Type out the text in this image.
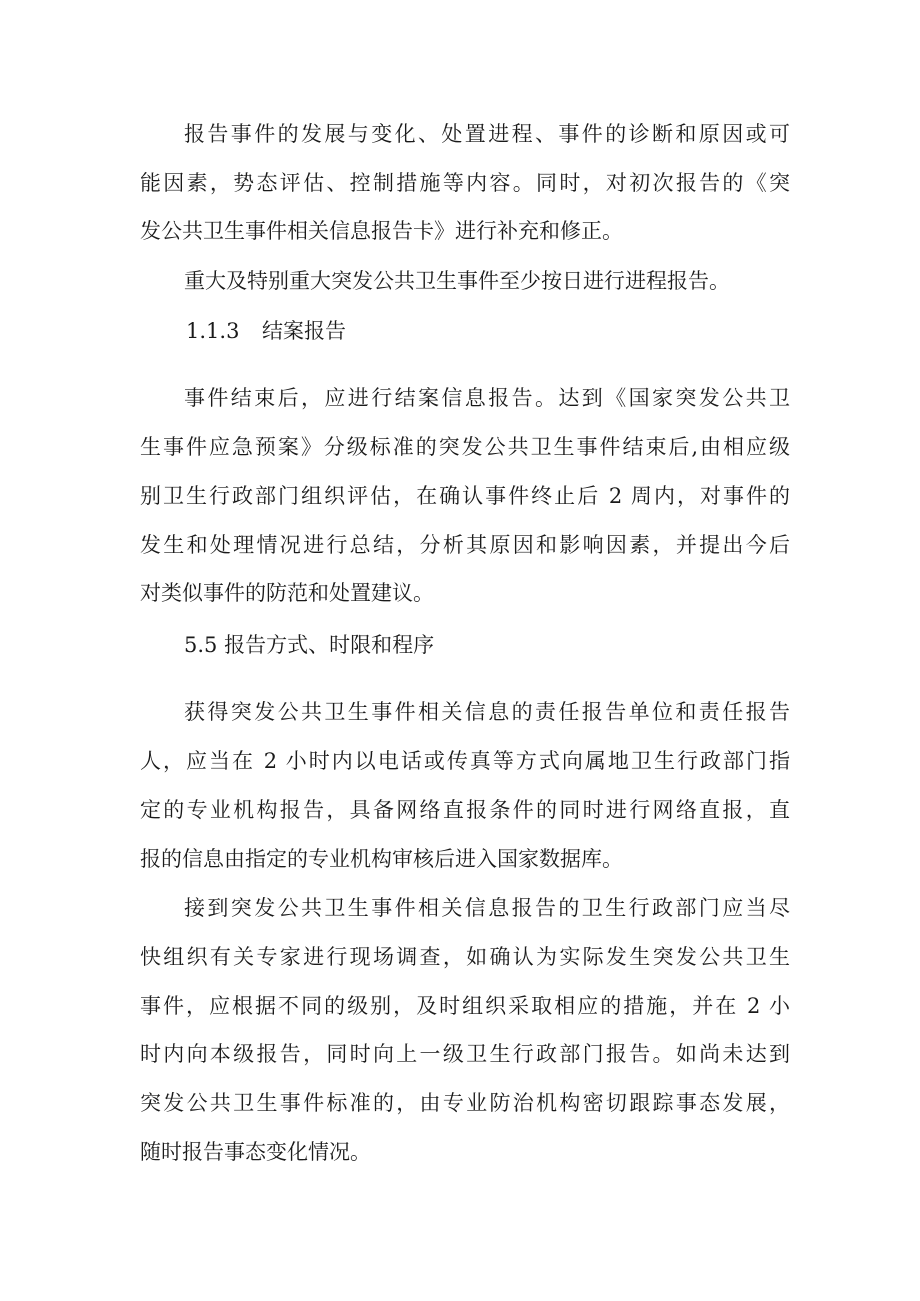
报告事件的发展与变化、处置进程、事件的诊断和原因或可
能因素，势态评估、控制措施等内容。同时，对初次报告的《突
发公共卫生事件相关信息报告卡》进行补充和修正。
重大及特别重大突发公共卫生事件至少按日进行进程报告。
1.1.3 结案报告
事件结束后，应进行结案信息报告。达到《国家突发公共卫
生事件应急预案》分级标准的突发公共卫生事件结束后,由相应级
别卫生行政部门组织评估，在确认事件终止后 2 周内，对事件的
发生和处理情况进行总结，分析其原因和影响因素，并提出今后
对类似事件的防范和处置建议。
5.5 报告方式、时限和程序
获得突发公共卫生事件相关信息的责任报告单位和责任报告
人，应当在 2 小时内以电话或传真等方式向属地卫生行政部门指
定的专业机构报告，具备网络直报条件的同时进行网络直报，直
报的信息由指定的专业机构审核后进入国家数据库。
接到突发公共卫生事件相关信息报告的卫生行政部门应当尽
快组织有关专家进行现场调查，如确认为实际发生突发公共卫生
事件，应根据不同的级别，及时组织采取相应的措施，并在 2 小
时内向本级报告，同时向上一级卫生行政部门报告。如尚未达到
突发公共卫生事件标准的，由专业防治机构密切跟踪事态发展，
随时报告事态变化情况。
